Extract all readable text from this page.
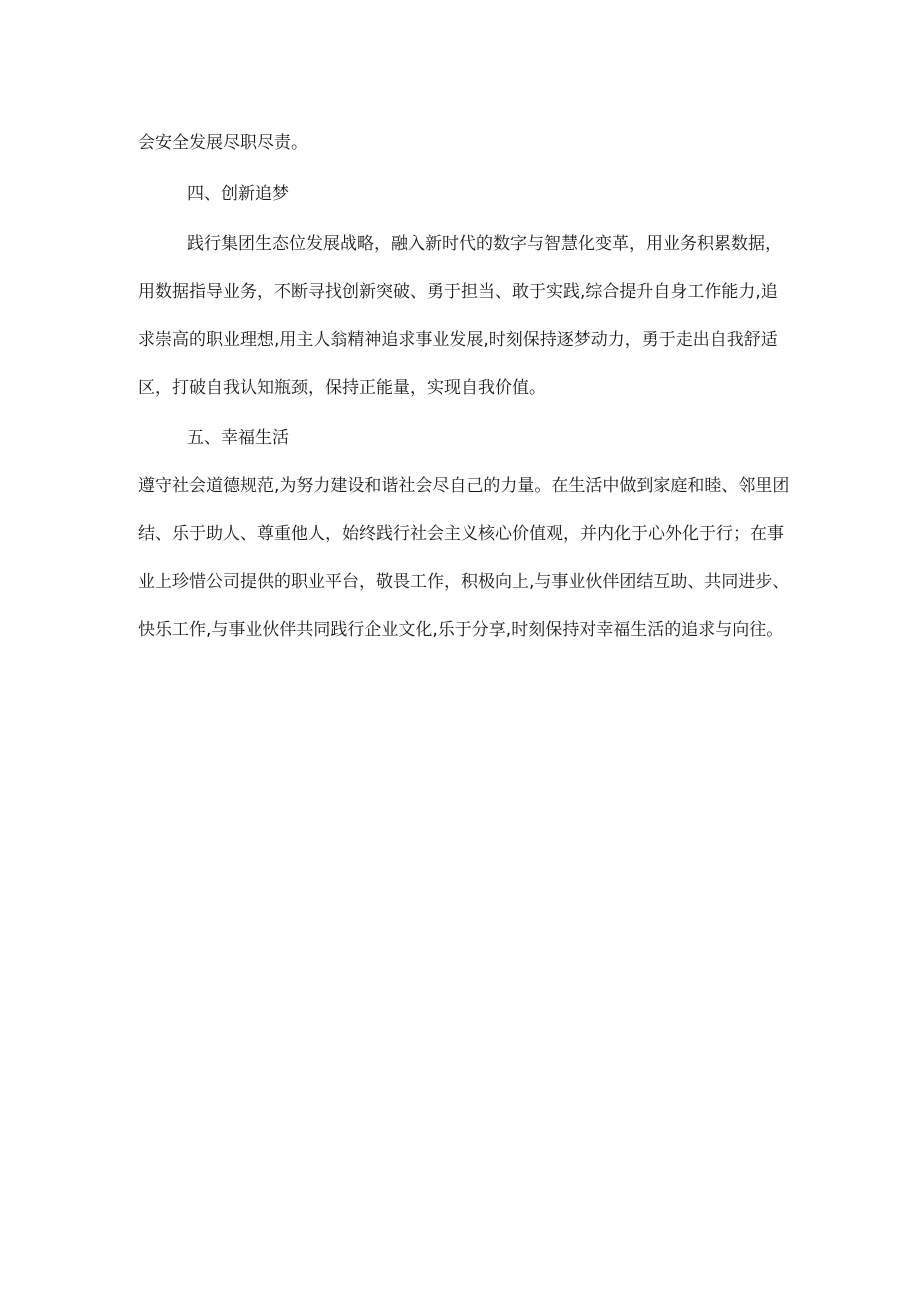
会安全发展尽职尽责。
四、创新追梦
践行集团生态位发展战略，融入新时代的数字与智慧化变革，用业务积累数据，
用数据指导业务，不断寻找创新突破、勇于担当、敢于实践,综合提升自身工作能力,追
求崇高的职业理想,用主人翁精神追求事业发展,时刻保持逐梦动力，勇于走出自我舒适
区，打破自我认知瓶颈，保持正能量，实现自我价值。
五、幸福生活
遵守社会道德规范,为努力建设和谐社会尽自己的力量。在生活中做到家庭和睦、邻里团
结、乐于助人、尊重他人，始终践行社会主义核心价值观，并内化于心外化于行；在事
业上珍惜公司提供的职业平台，敬畏工作，积极向上,与事业伙伴团结互助、共同进步、
快乐工作,与事业伙伴共同践行企业文化,乐于分享,时刻保持对幸福生活的追求与向往。
